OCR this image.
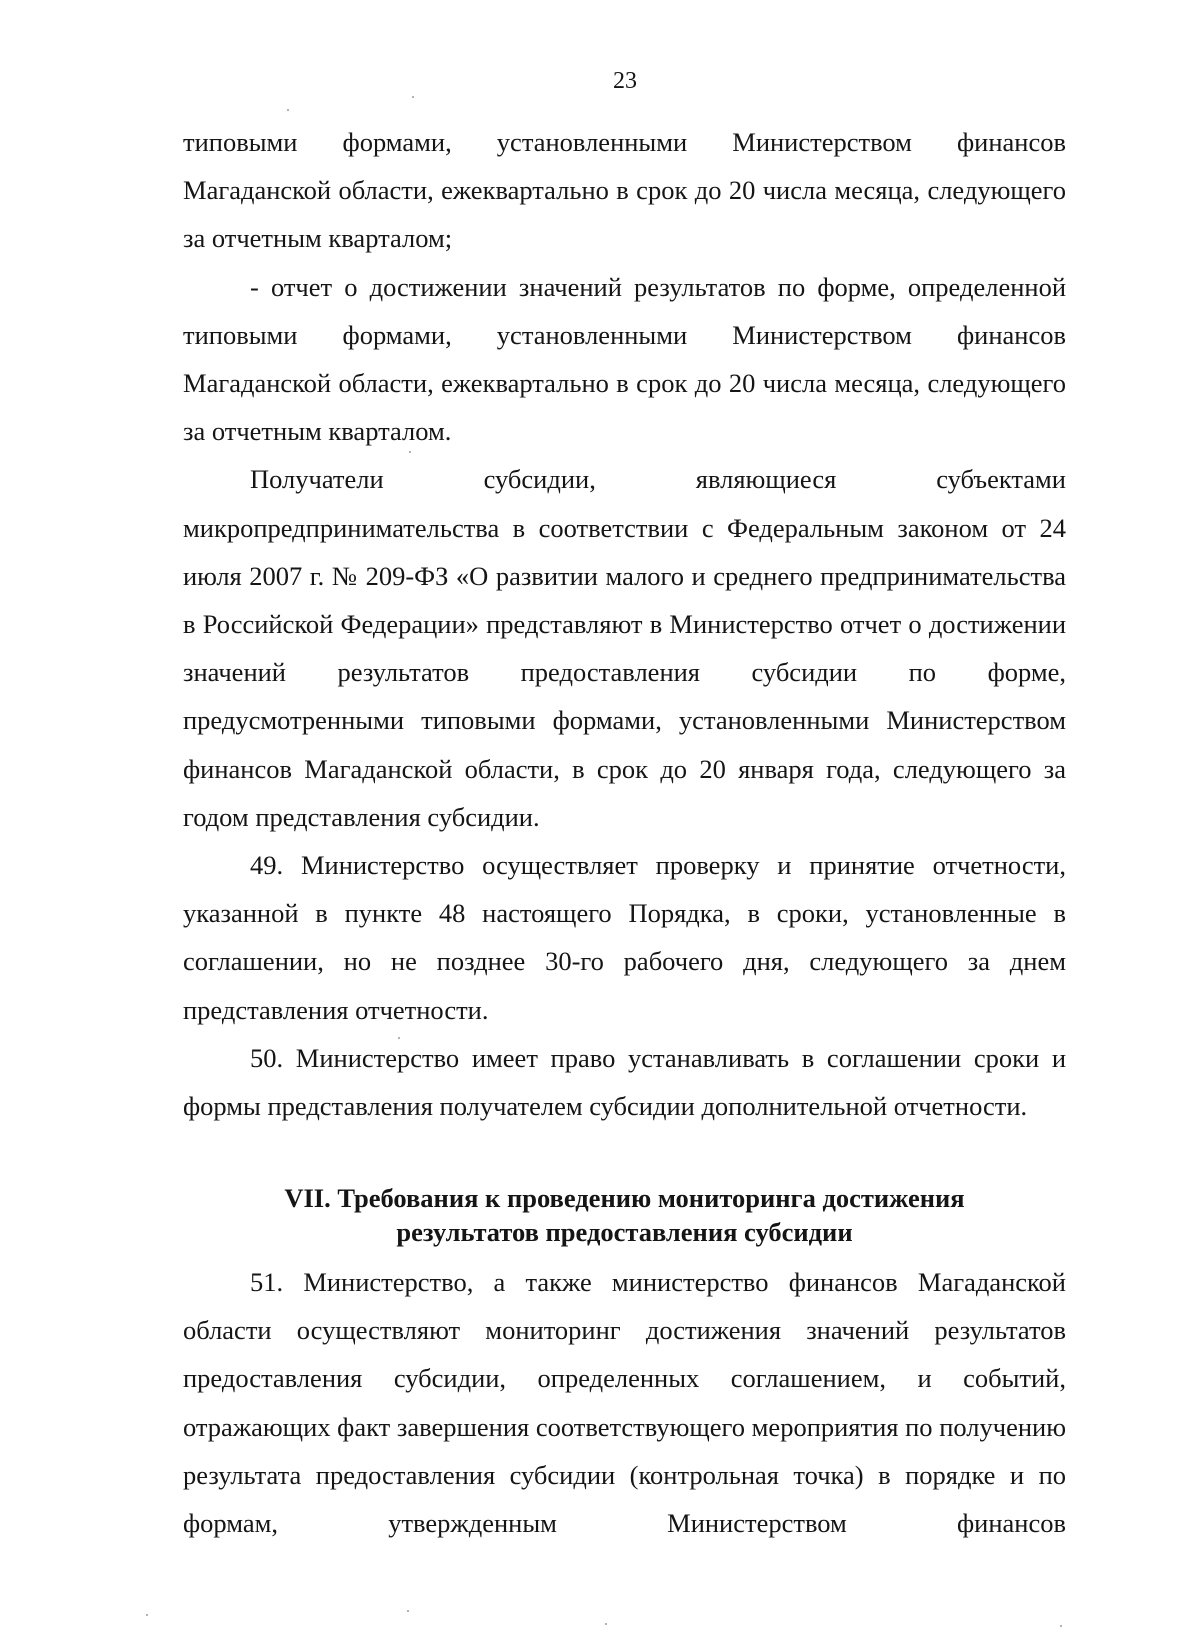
23

типовыми формами, установленными Министерством финансов Магаданской области, ежеквартально в срок до 20 числа месяца, следующего за отчетным кварталом;

- отчет о достижении значений результатов по форме, определенной типовыми формами, установленными Министерством финансов Магаданской области, ежеквартально в срок до 20 числа месяца, следующего за отчетным кварталом.

Получатели субсидии, являющиеся субъектами микропредпринимательства в соответствии с Федеральным законом от 24 июля 2007 г. № 209-ФЗ «О развитии малого и среднего предпринимательства в Российской Федерации» представляют в Министерство отчет о достижении значений результатов предоставления субсидии по форме, предусмотренными типовыми формами, установленными Министерством финансов Магаданской области, в срок до 20 января года, следующего за годом представления субсидии.

49. Министерство осуществляет проверку и принятие отчетности, указанной в пункте 48 настоящего Порядка, в сроки, установленные в соглашении, но не позднее 30-го рабочего дня, следующего за днем представления отчетности.

50. Министерство имеет право устанавливать в соглашении сроки и формы представления получателем субсидии дополнительной отчетности.

VII. Требования к проведению мониторинга достижения
результатов предоставления субсидии

51. Министерство, а также министерство финансов Магаданской области осуществляют мониторинг достижения значений результатов предоставления субсидии, определенных соглашением, и событий, отражающих факт завершения соответствующего мероприятия по получению результата предоставления субсидии (контрольная точка) в порядке и по формам, утвержденным Министерством финансов
